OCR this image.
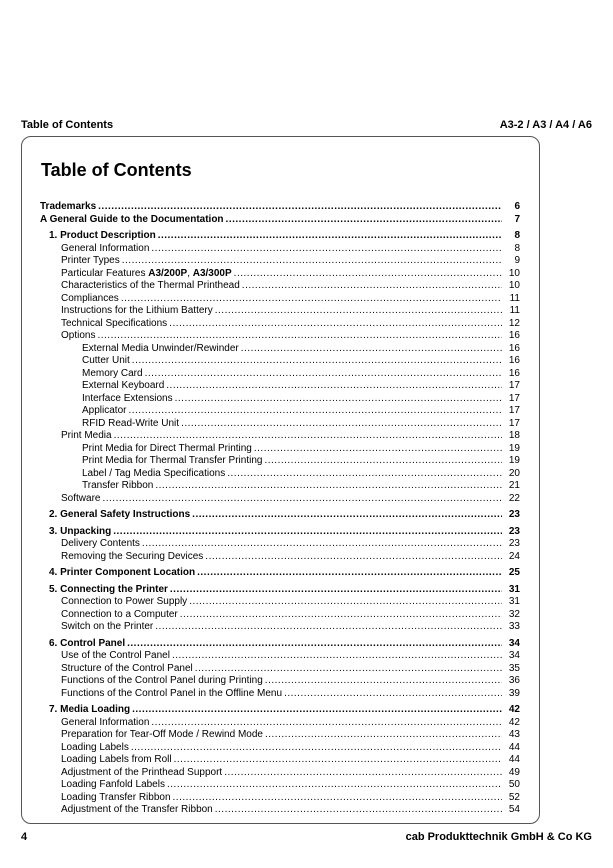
Table of Contents	A3-2 / A3 / A4 / A6
Table of Contents
Trademarks .....	6
A General Guide to the Documentation .....	7
1. Product Description .....	8
General Information .....	8
Printer Types .....	9
Particular Features A3/200P, A3/300P .....	10
Characteristics of the Thermal Printhead .....	10
Compliances .....	11
Instructions for the Lithium Battery .....	11
Technical Specifications .....	12
Options .....	16
External Media Unwinder/Rewinder .....	16
Cutter Unit .....	16
Memory Card .....	16
External Keyboard .....	17
Interface Extensions .....	17
Applicator .....	17
RFID Read-Write Unit .....	17
Print Media .....	18
Print Media for Direct Thermal Printing .....	19
Print Media for Thermal Transfer Printing .....	19
Label / Tag Media Specifications .....	20
Transfer Ribbon .....	21
Software .....	22
2. General Safety Instructions .....	23
3. Unpacking .....	23
Delivery Contents .....	23
Removing the Securing Devices .....	24
4. Printer Component Location .....	25
5. Connecting the Printer .....	31
Connection to Power Supply .....	31
Connection to a Computer .....	32
Switch on the Printer .....	33
6. Control Panel .....	34
Use of the Control Panel .....	34
Structure of the Control Panel .....	35
Functions of the Control Panel during Printing .....	36
Functions of the Control Panel in the Offline Menu .....	39
7. Media Loading .....	42
General Information .....	42
Preparation for Tear-Off Mode / Rewind Mode .....	43
Loading Labels .....	44
Loading Labels from Roll .....	44
Adjustment of the Printhead Support .....	49
Loading Fanfold Labels .....	50
Loading Transfer Ribbon .....	52
Adjustment of the Transfer Ribbon .....	54
4	cab Produkttechnik GmbH & Co KG
